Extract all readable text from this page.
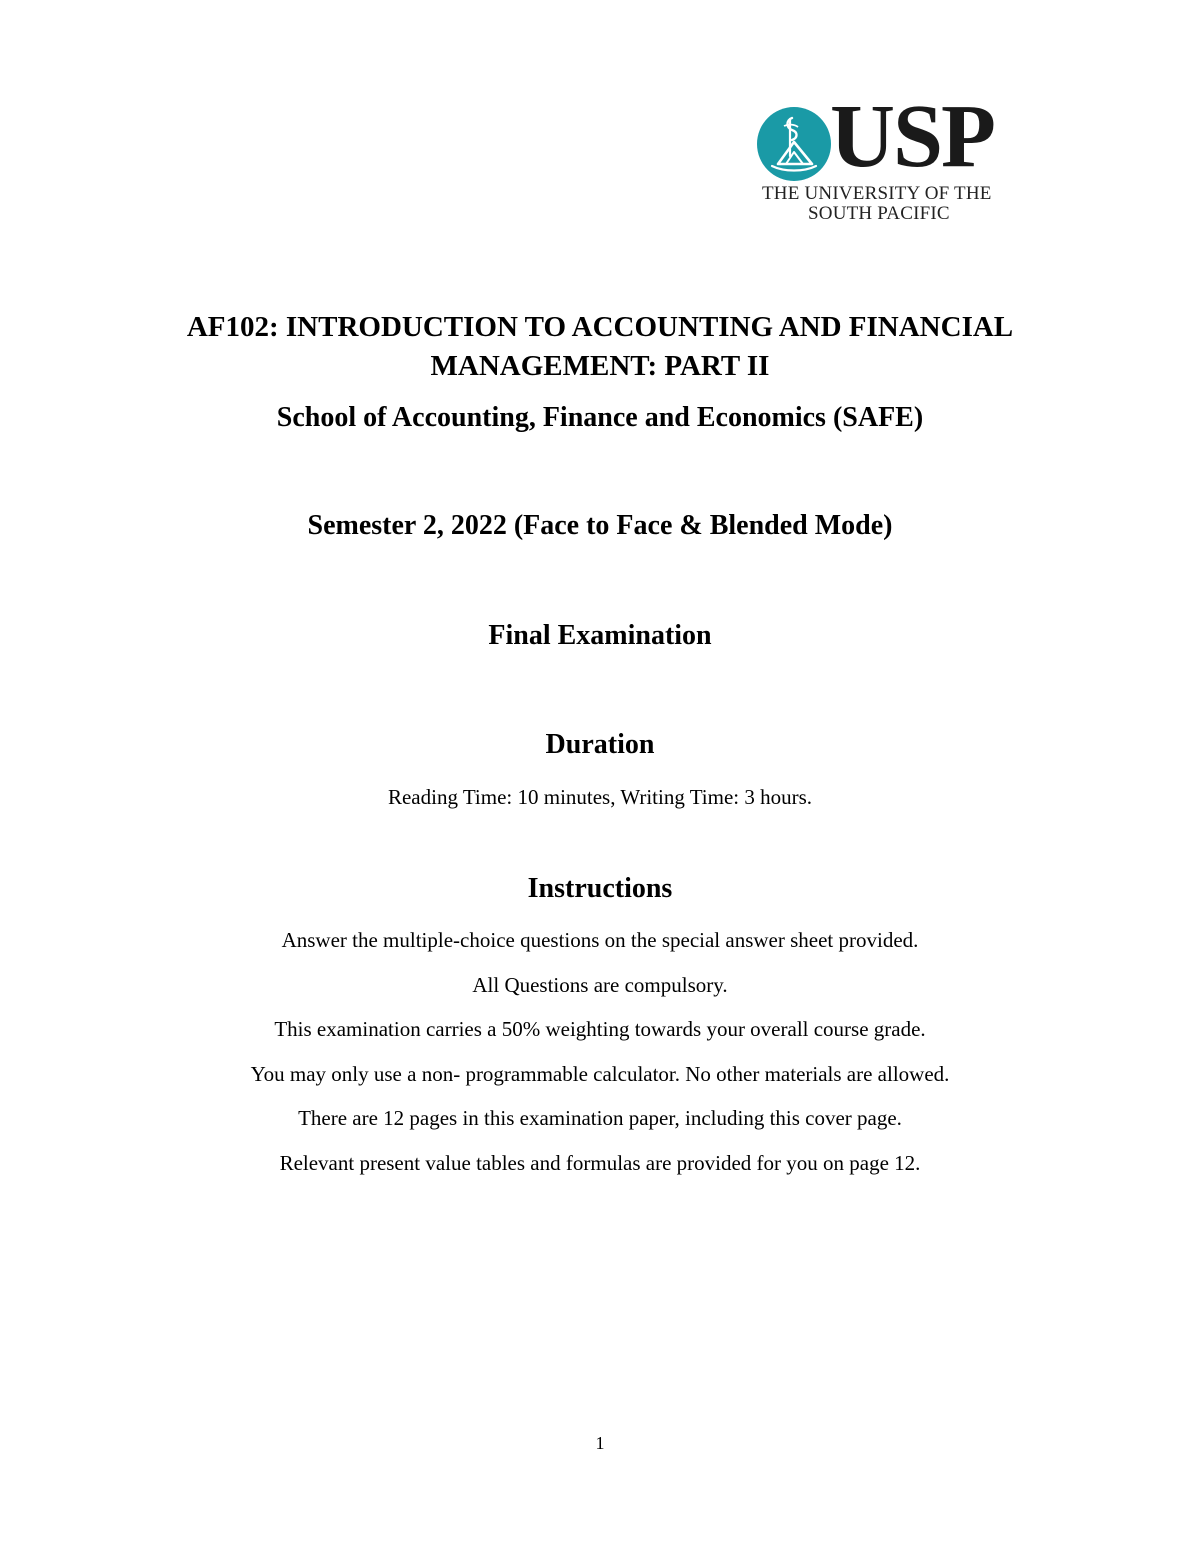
USP
THE UNIVERSITY OF THE
SOUTH PACIFIC
AF102: INTRODUCTION TO ACCOUNTING AND FINANCIAL
MANAGEMENT: PART II
School of Accounting, Finance and Economics (SAFE)
Semester 2, 2022 (Face to Face & Blended Mode)
Final Examination
Duration
Reading Time: 10 minutes, Writing Time: 3 hours.
Instructions
Answer the multiple-choice questions on the special answer sheet provided.
All Questions are compulsory.
This examination carries a 50% weighting towards your overall course grade.
You may only use a non- programmable calculator. No other materials are allowed.
There are 12 pages in this examination paper, including this cover page.
Relevant present value tables and formulas are provided for you on page 12.
1
